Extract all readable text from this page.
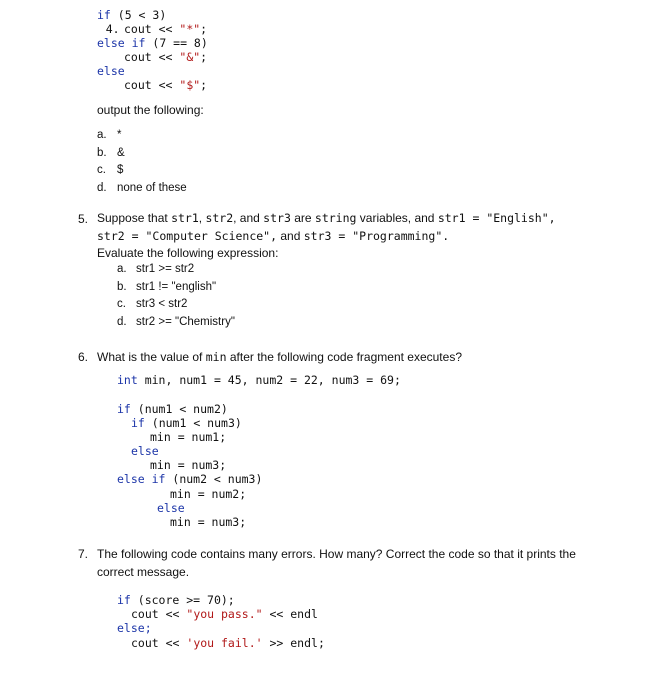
4.

if (5 < 3)
cout << "*";
else if (7 == 8)
cout << "&";
else
cout << "$";
output the following:
a. *
b. &
c. $
d. none of these
5. Suppose that str1, str2, and str3 are string variables, and str1 = "English",
str2 = "Computer Science", and str3 = "Programming".
Evaluate the following expression:
a. str1 >= str2
b. str1 != "english"
c. str3 < str2
d. str2 >= "Chemistry"
6. What is the value of min after the following code fragment executes?
int min, num1 = 45, num2 = 22, num3 = 69;
if (num1 < num2)
if (num1 < num3)
min = num1;
else
min = num3;
else if (num2 < num3)
min = num2;
else
min = num3;
7. The following code contains many errors. How many? Correct the code so that it prints the
correct message.
if (score >= 70);
cout << "you pass." << endl
else;
cout << 'you fail.' >> endl;
